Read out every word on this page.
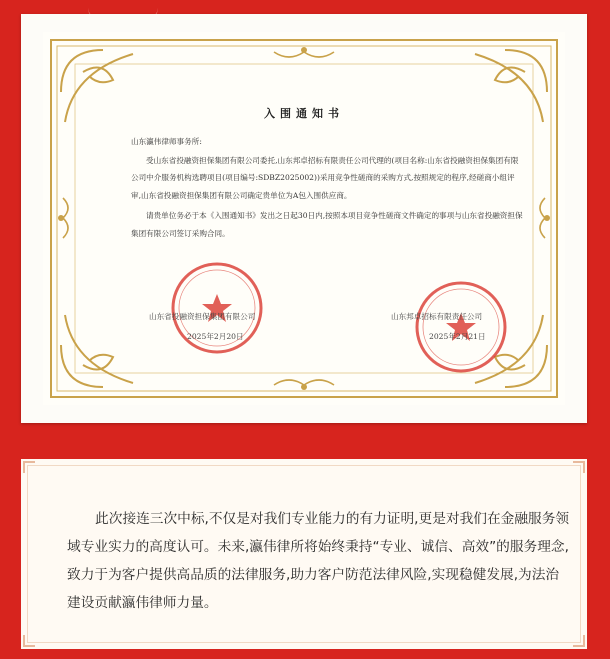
入围通知书

山东瀛伟律师事务所:

受山东省投融资担保集团有限公司委托,山东邦卓招标有限责任公司代理的(项目名称:山东省投融资担保集团有限公司中介服务机构选聘项目(项目编号:SDBZ2025002))采用竞争性磋商的采购方式,按照规定的程序,经磋商小组评审,山东省投融资担保集团有限公司确定贵单位为A包入围供应商。

请贵单位务必于本《入围通知书》发出之日起30日内,按照本项目竞争性磋商文件确定的事项与山东省投融资担保集团有限公司签订采购合同。

山东省投融资担保集团有限公司
2025年2月20日
山东邦卓招标有限责任公司
2025年2月21日

此次接连三次中标,不仅是对我们专业能力的有力证明,更是对我们在金融服务领域专业实力的高度认可。未来,瀛伟律所将始终秉持“专业、诚信、高效”的服务理念,致力于为客户提供高品质的法律服务,助力客户防范法律风险,实现稳健发展,为法治建设贡献瀛伟律师力量。
